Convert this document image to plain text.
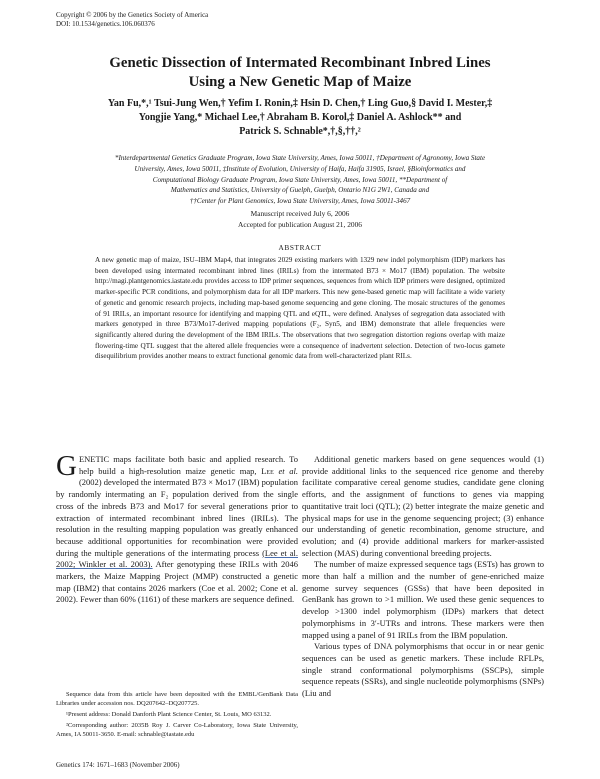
Copyright © 2006 by the Genetics Society of America
DOI: 10.1534/genetics.106.060376
Genetic Dissection of Intermated Recombinant Inbred Lines
Using a New Genetic Map of Maize
Yan Fu,*,¹ Tsui-Jung Wen,† Yefim I. Ronin,‡ Hsin D. Chen,† Ling Guo,§ David I. Mester,‡
Yongjie Yang,* Michael Lee,† Abraham B. Korol,‡ Daniel A. Ashlock** and
Patrick S. Schnable*,†,§,††,²
*Interdepartmental Genetics Graduate Program, Iowa State University, Ames, Iowa 50011, †Department of Agronomy, Iowa State
University, Ames, Iowa 50011, ‡Institute of Evolution, University of Haifa, Haifa 31905, Israel, §Bioinformatics and
Computational Biology Graduate Program, Iowa State University, Ames, Iowa 50011, **Department of
Mathematics and Statistics, University of Guelph, Guelph, Ontario N1G 2W1, Canada and
††Center for Plant Genomics, Iowa State University, Ames, Iowa 50011-3467
Manuscript received July 6, 2006
Accepted for publication August 21, 2006
ABSTRACT
A new genetic map of maize, ISU–IBM Map4, that integrates 2029 existing markers with 1329 new indel polymorphism (IDP) markers has been developed using intermated recombinant inbred lines (IRILs) from the intermated B73 × Mo17 (IBM) population. The website http://magi.plantgenomics.iastate.edu provides access to IDP primer sequences, sequences from which IDP primers were designed, optimized marker-specific PCR conditions, and polymorphism data for all IDP markers. This new gene-based genetic map will facilitate a wide variety of genetic and genomic research projects, including map-based genome sequencing and gene cloning. The mosaic structures of the genomes of 91 IRILs, an important resource for identifying and mapping QTL and eQTL, were defined. Analyses of segregation data associated with markers genotyped in three B73/Mo17-derived mapping populations (F₂, Syn5, and IBM) demonstrate that allele frequencies were significantly altered during the development of the IBM IRILs. The observations that two segregation distortion regions overlap with maize flowering-time QTL suggest that the altered allele frequencies were a consequence of inadvertent selection. Detection of two-locus gamete disequilibrium provides another means to extract functional genomic data from well-characterized plant RILs.

GENETIC maps facilitate both basic and applied research. To help build a high-resolution maize genetic map, Lee et al. (2002) developed the intermated B73 × Mo17 (IBM) population by randomly intermating an F₂ population derived from the single cross of the inbreds B73 and Mo17 for several generations prior to extraction of intermated recombinant inbred lines (IRILs). The resolution in the resulting mapping population was greatly enhanced because additional opportunities for recombination were provided during the multiple generations of the intermating process (Lee et al. 2002; Winkler et al. 2003). After genotyping these IRILs with 2046 markers, the Maize Mapping Project (MMP) constructed a genetic map (IBM2) that contains 2026 markers (Coe et al. 2002; Cone et al. 2002). Fewer than 60% (1161) of these markers are sequence defined.

Sequence data from this article have been deposited with the EMBL/GenBank Data Libraries under accession nos. DQ207642–DQ207725.

¹Present address: Donald Danforth Plant Science Center, St. Louis, MO 63132.

²Corresponding author: 2035B Roy J. Carver Co-Laboratory, Iowa State University, Ames, IA 50011-3650. E-mail: schnable@iastate.edu

Genetics 174: 1671–1683 (November 2006)

Additional genetic markers based on gene sequences would (1) provide additional links to the sequenced rice genome and thereby facilitate comparative cereal genome studies, candidate gene cloning efforts, and the assignment of functions to genes via mapping quantitative trait loci (QTL); (2) better integrate the maize genetic and physical maps for use in the genome sequencing project; (3) enhance our understanding of genetic recombination, genome structure, and evolution; and (4) provide additional markers for marker-assisted selection (MAS) during conventional breeding projects.

The number of maize expressed sequence tags (ESTs) has grown to more than half a million and the number of gene-enriched maize genome survey sequences (GSSs) that have been deposited in GenBank has grown to >1 million. We used these genic sequences to develop >1300 indel polymorphism (IDPs) markers that detect polymorphisms in 3′-UTRs and introns. These markers were then mapped using a panel of 91 IRILs from the IBM population.

Various types of DNA polymorphisms that occur in or near genic sequences can be used as genetic markers. These include RFLPs, single strand conformational polymorphisms (SSCPs), simple sequence repeats (SSRs), and single nucleotide polymorphisms (SNPs) (Liu and
